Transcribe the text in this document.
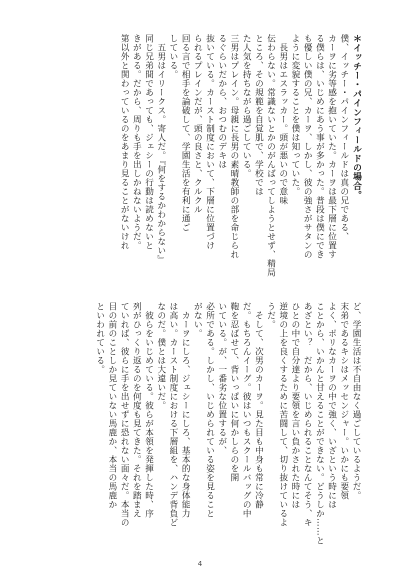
＊イッチー・パインフィールドの場合。
僕、イッチー・パインフィールドは真の兄である、
カーヲに劣等感を抱いていた。カーヲは最下層に位置す
る僕らは、いじめにあう事が多かった。普段は僕にでき
も優しい僕の兄、カーヲ、しかし、彼の強さがサタンの
ように変貌することを僕は知っていた。
　長男はエスラッカー。頭が悪いので意味
伝わらない。常識ないとかのがんばってしようとせず、精局
ところ、その規範を自覚肌で、学校では
た人気を持ちながら過ごしている。
三男はプレイン。母親に長男の素晴教師の部を命じられ
るぐらいだから、おつむのデキは
抜いている。カースト制度において、下層に位置づけ
られるプレインだが、頭の良さと、クルクル
回る言で相手を論破して、学園生活を有利に通ご
している。
　五男はイリークス。寄人だ。『何をするかわからない』
同じ兄弟間であっても、ジェシーの行動は読めないと
きがある。だから、周りも手を出しかねないようだ。
第以外と関わっているのをあまり見ることがないけれ
ど、学園生活は不自由なく過ごしているようだ。
末弟であるキシはメッセンジャー。いかにも要領
よく、ポリなカーヲの中で強く、いざという時には
ことから、いかんと甘えることができない。どうしか……と
あざとい？　だから、いじめられることなんてそう、キ
ひとの中で自分達より要領を言い負かされた時には
逆境の上を良くするために苦闘して、切り抜けているよ
うだ。
　そして、次男のカーヲ。見た目も中身も常に冷静
だ。もちろんイーグ。彼はいつもスクールバッグの中
鞄を忍ばせて、背いっぱいに何かしらのを開
いている。が、一番劣な位置するが、
必所である。しかし、いじめられている姿を見ること
がない。
　カーヲにしろ、ジェシーにしろ、基本的な身体能力
は高い。カースト制度における下層組を、ハンデ背負ど
なのだ。僕とは大違いだ。
　彼らをいじめている。彼らが本領を発揮した時、序
列がひっくり返るのを何度も見てきた。それを踏まえ
ていれば、彼らに手を出せずに恐れない面々だ。本当の
目の前のことしか見ていない馬鹿か、本当の馬鹿か
といわれている。
4
